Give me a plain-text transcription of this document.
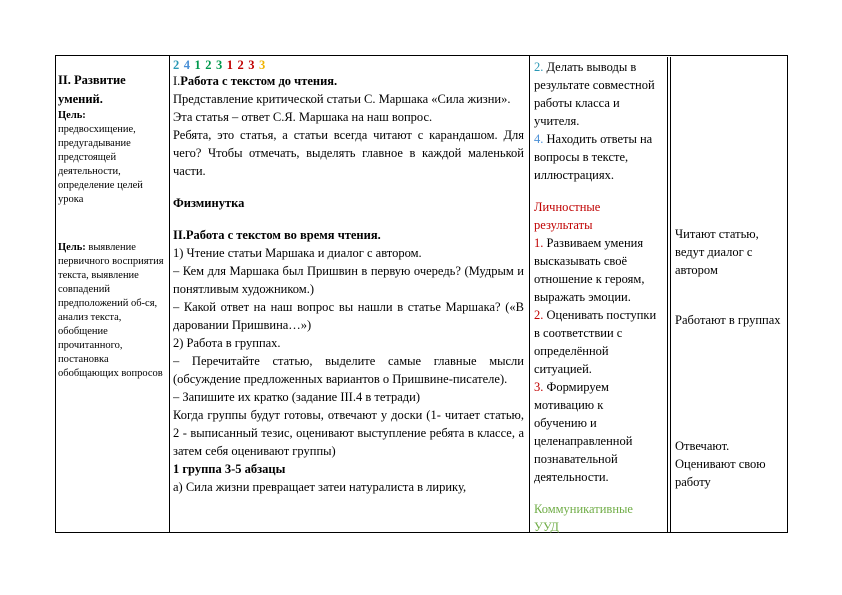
II. Развитие умений.
Цель:
предвосхищение, предугадывание предстоящей деятельности, определение целей урока
Цель: выявление первичного восприятия текста, выявление совпадений предположений об-ся, анализ текста, обобщение прочитанного, постановка обобщающих вопросов
2 4 1 2 3 1 2 3 3
I.Работа с текстом до чтения.
Представление критической статьи С. Маршака «Сила жизни».
Эта статья – ответ С.Я. Маршака на наш вопрос.
Ребята, это статья, а статьи всегда читают с карандашом. Для чего? Чтобы отмечать, выделять главное в каждой маленькой части.
Физминутка
II.Работа с текстом во время чтения.
1) Чтение статьи Маршака и диалог с автором.
– Кем для Маршака был Пришвин в первую очередь? (Мудрым и понятливым художником.)
– Какой ответ на наш вопрос вы нашли в статье Маршака? («В даровании Пришвина…»)
2) Работа в группах.
– Перечитайте статью, выделите самые главные мысли (обсуждение предложенных вариантов о Пришвине-писателе).
– Запишите их кратко (задание III.4 в тетради)
Когда группы будут готовы, отвечают у доски (1- читает статью, 2 - выписанный тезис, оценивают выступление ребята в классе, а затем себя оценивают группы)
1 группа 3-5 абзацы
а) Сила жизни превращает затеи натуралиста в лирику,
2. Делать выводы в результате совместной работы класса и учителя.
4. Находить ответы на вопросы в тексте, иллюстрациях.
Личностные результаты
1. Развиваем умения высказывать своё отношение к героям, выражать эмоции.
2. Оценивать поступки в соответствии с определённой ситуацией.
3. Формируем мотивацию к обучению и целенаправленной познавательной деятельности.
Коммуникативные УУД
Читают статью, ведут диалог с автором
Работают в группах
Отвечают. Оценивают свою работу
